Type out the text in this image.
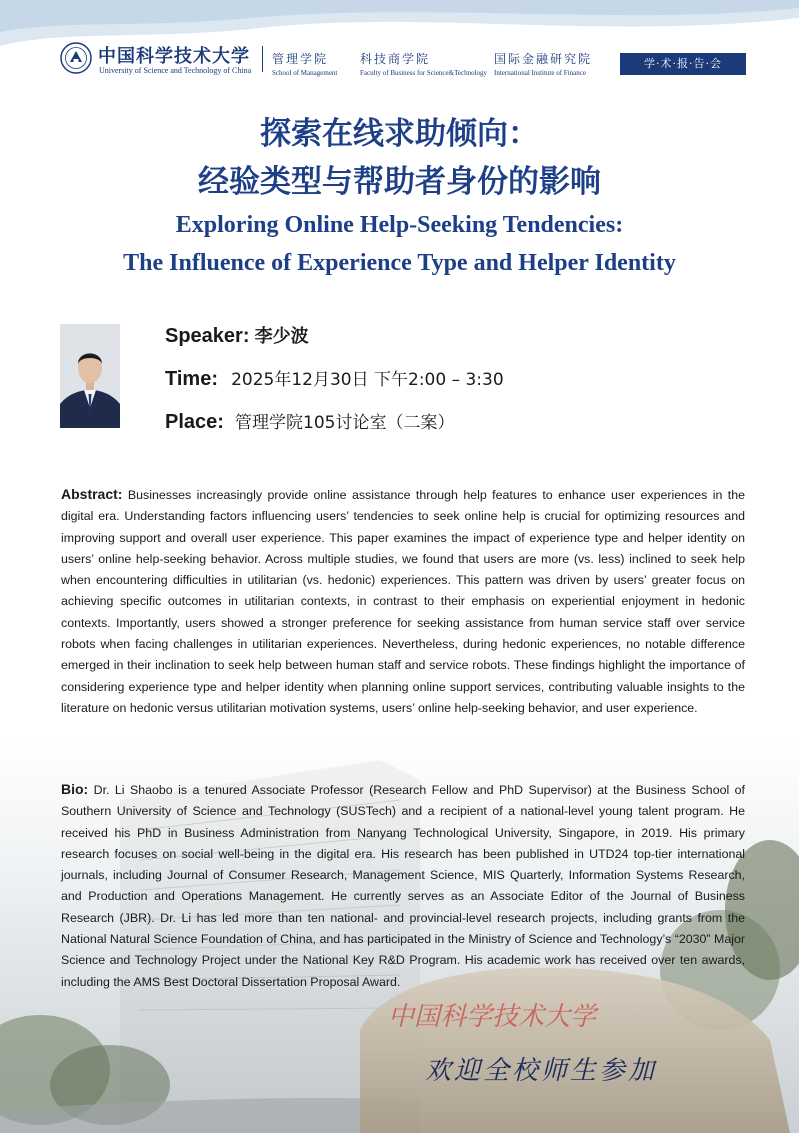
中国科学技术大学
University of Science and Technology of China
管理学院
School of Management
科技商学院
Faculty of Business for Science&Technology
国际金融研究院
International Institute of Finance
学·术·报·告·会
探索在线求助倾向：
经验类型与帮助者身份的影响
Exploring Online Help-Seeking Tendencies:
The Influence of Experience Type and Helper Identity
Speaker: 李少波
Time: 2025年12月30日 下午2:00 – 3:30
Place: 管理学院105讨论室（二案）
中国科学技术大学
欢迎全校师生参加
Abstract: Businesses increasingly provide online assistance through help features to enhance user experiences in the digital era. Understanding factors influencing users’ tendencies to seek online help is crucial for optimizing resources and improving support and overall user experience. This paper examines the impact of experience type and helper identity on users’ online help-seeking behavior. Across multiple studies, we found that users are more (vs. less) inclined to seek help when encountering difficulties in utilitarian (vs. hedonic) experiences. This pattern was driven by users’ greater focus on achieving specific outcomes in utilitarian contexts, in contrast to their emphasis on experiential enjoyment in hedonic contexts. Importantly, users showed a stronger preference for seeking assistance from human service staff over service robots when facing challenges in utilitarian experiences. Nevertheless, during hedonic experiences, no notable difference emerged in their inclination to seek help between human staff and service robots. These findings highlight the importance of considering experience type and helper identity when planning online support services, contributing valuable insights to the literature on hedonic versus utilitarian motivation systems, users’ online help-seeking behavior, and user experience.
Bio: Dr. Li Shaobo is a tenured Associate Professor (Research Fellow and PhD Supervisor) at the Business School of Southern University of Science and Technology (SUSTech) and a recipient of a national-level young talent program. He received his PhD in Business Administration from Nanyang Technological University, Singapore, in 2019. His primary research focuses on social well-being in the digital era. His research has been published in UTD24 top-tier international journals, including Journal of Consumer Research, Management Science, MIS Quarterly, Information Systems Research, and Production and Operations Management. He currently serves as an Associate Editor of the Journal of Business Research (JBR). Dr. Li has led more than ten national- and provincial-level research projects, including grants from the National Natural Science Foundation of China, and has participated in the Ministry of Science and Technology’s “2030” Major Science and Technology Project under the National Key R&D Program. His academic work has received over ten awards, including the AMS Best Doctoral Dissertation Proposal Award.
